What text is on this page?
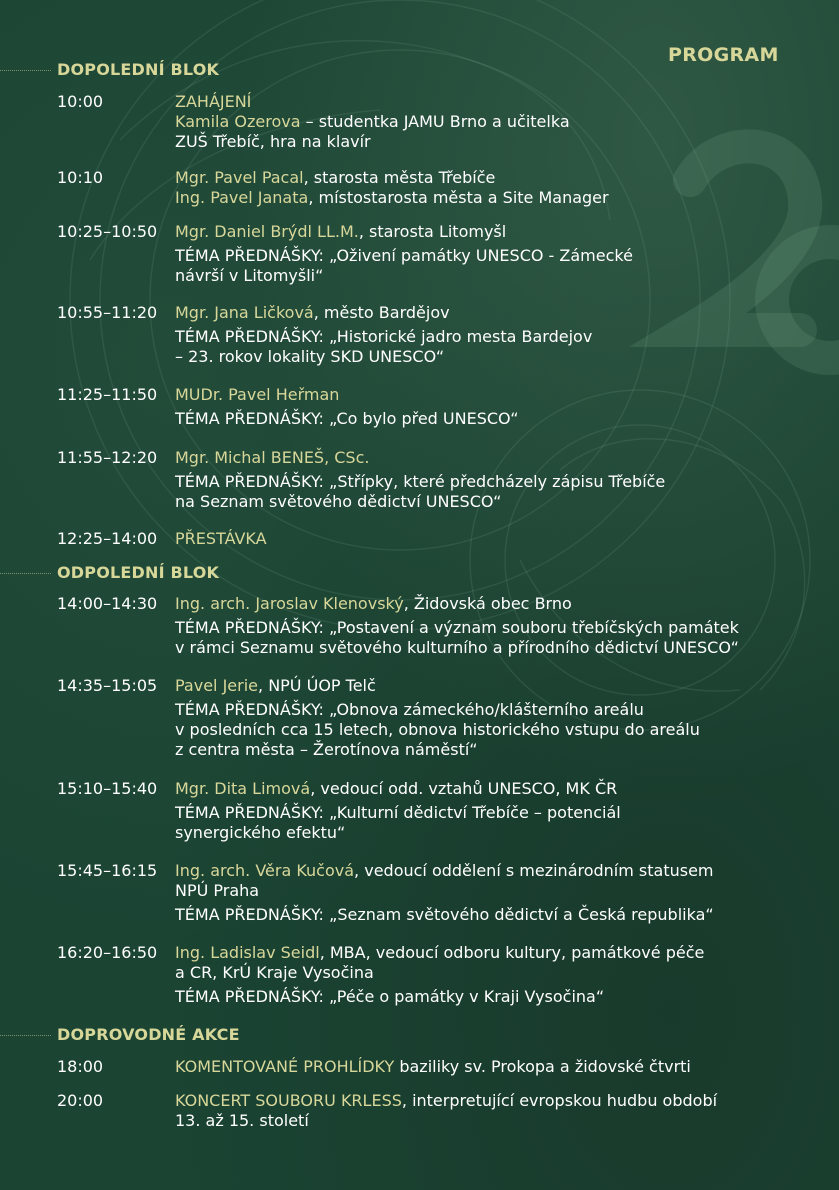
PROGRAM
DOPOLEDNÍ BLOK
10:00	ZAHÁJENÍ
Kamila Ozerova – studentka JAMU Brno a učitelka
ZUŠ Třebíč, hra na klavír
10:10	Mgr. Pavel Pacal, starosta města Třebíče
Ing. Pavel Janata, místostarosta města a Site Manager
10:25–10:50 Mgr. Daniel Brýdl LL.M., starosta Litomyšl
TÉMA PŘEDNÁŠKY: „Oživení památky UNESCO - Zámecké
návrší v Litomyšli“
10:55–11:20 Mgr. Jana Ličková, město Bardějov
TÉMA PŘEDNÁŠKY: „Historické jadro mesta Bardejov
– 23. rokov lokality SKD UNESCO“
11:25–11:50 MUDr. Pavel Heřman
TÉMA PŘEDNÁŠKY: „Co bylo před UNESCO“
11:55–12:20 Mgr. Michal BENEŠ, CSc.
TÉMA PŘEDNÁŠKY: „Střípky, které předcházely zápisu Třebíče
na Seznam světového dědictví UNESCO“
12:25–14:00 PŘESTÁVKA
ODPOLEDNÍ BLOK
14:00–14:30 Ing. arch. Jaroslav Klenovský, Židovská obec Brno
TÉMA PŘEDNÁŠKY: „Postavení a význam souboru třebíčských památek
v rámci Seznamu světového kulturního a přírodního dědictví UNESCO“
14:35–15:05 Pavel Jerie, NPÚ ÚOP Telč
TÉMA PŘEDNÁŠKY: „Obnova zámeckého/klášterního areálu
v posledních cca 15 letech, obnova historického vstupu do areálu
z centra města – Žerotínova náměstí“
15:10–15:40 Mgr. Dita Limová, vedoucí odd. vztahů UNESCO, MK ČR
TÉMA PŘEDNÁŠKY: „Kulturní dědictví Třebíče – potenciál
synergického efektu“
15:45–16:15 Ing. arch. Věra Kučová, vedoucí oddělení s mezinárodním statusem
NPÚ Praha
TÉMA PŘEDNÁŠKY: „Seznam světového dědictví a Česká republika“
16:20–16:50 Ing. Ladislav Seidl, MBA, vedoucí odboru kultury, památkové péče
a CR, KrÚ Kraje Vysočina
TÉMA PŘEDNÁŠKY: „Péče o památky v Kraji Vysočina“
DOPROVODNÉ AKCE
18:00	KOMENTOVANÉ PROHLÍDKY baziliky sv. Prokopa a židovské čtvrti
20:00	KONCERT SOUBORU KRLESS, interpretující evropskou hudbu období
13. až 15. století
